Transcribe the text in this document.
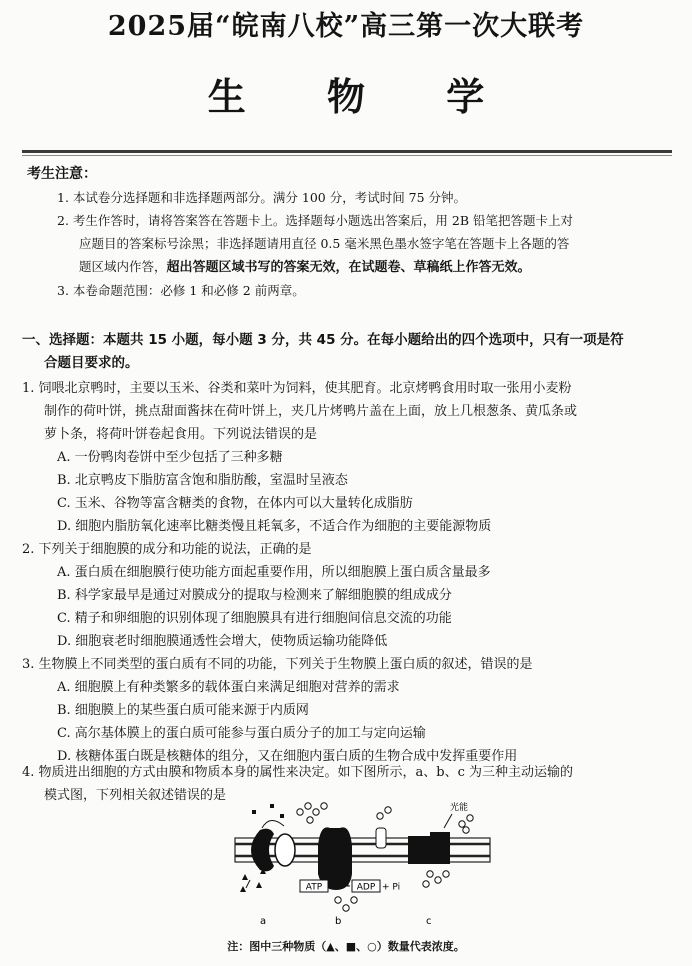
2025届“皖南八校”高三第一次大联考
生 物 学
考生注意：
1. 本试卷分选择题和非选择题两部分。满分 100 分，考试时间 75 分钟。
2. 考生作答时，请将答案答在答题卡上。选择题每小题选出答案后，用 2B 铅笔把答题卡上对
应题目的答案标号涂黑；非选择题请用直径 0.5 毫米黑色墨水签字笔在答题卡上各题的答
题区域内作答，超出答题区域书写的答案无效，在试题卷、草稿纸上作答无效。
3. 本卷命题范围：必修 1 和必修 2 前两章。
一、选择题：本题共 15 小题，每小题 3 分，共 45 分。在每小题给出的四个选项中，只有一项是符
合题目要求的。
1. 饲喂北京鸭时，主要以玉米、谷类和菜叶为饲料，使其肥育。北京烤鸭食用时取一张用小麦粉
制作的荷叶饼，挑点甜面酱抹在荷叶饼上，夹几片烤鸭片盖在上面，放上几根葱条、黄瓜条或
萝卜条，将荷叶饼卷起食用。下列说法错误的是
A. 一份鸭肉卷饼中至少包括了三种多糖
B. 北京鸭皮下脂肪富含饱和脂肪酸，室温时呈液态
C. 玉米、谷物等富含糖类的食物，在体内可以大量转化成脂肪
D. 细胞内脂肪氧化速率比糖类慢且耗氧多，不适合作为细胞的主要能源物质
2. 下列关于细胞膜的成分和功能的说法，正确的是
A. 蛋白质在细胞膜行使功能方面起重要作用，所以细胞膜上蛋白质含量最多
B. 科学家最早是通过对膜成分的提取与检测来了解细胞膜的组成成分
C. 精子和卵细胞的识别体现了细胞膜具有进行细胞间信息交流的功能
D. 细胞衰老时细胞膜通透性会增大，使物质运输功能降低
3. 生物膜上不同类型的蛋白质有不同的功能，下列关于生物膜上蛋白质的叙述，错误的是
A. 细胞膜上有种类繁多的载体蛋白来满足细胞对营养的需求
B. 细胞膜上的某些蛋白质可能来源于内质网
C. 高尔基体膜上的蛋白质可能参与蛋白质分子的加工与定向运输
D. 核糖体蛋白既是核糖体的组分，又在细胞内蛋白质的生物合成中发挥重要作用
4. 物质进出细胞的方式由膜和物质本身的属性来决定。如下图所示，a、b、c 为三种主动运输的
模式图，下列相关叙述错误的是
ATP	ADP + Pi
光能
a	b	c
注：图中三种物质（▲、■、○）数量代表浓度。
